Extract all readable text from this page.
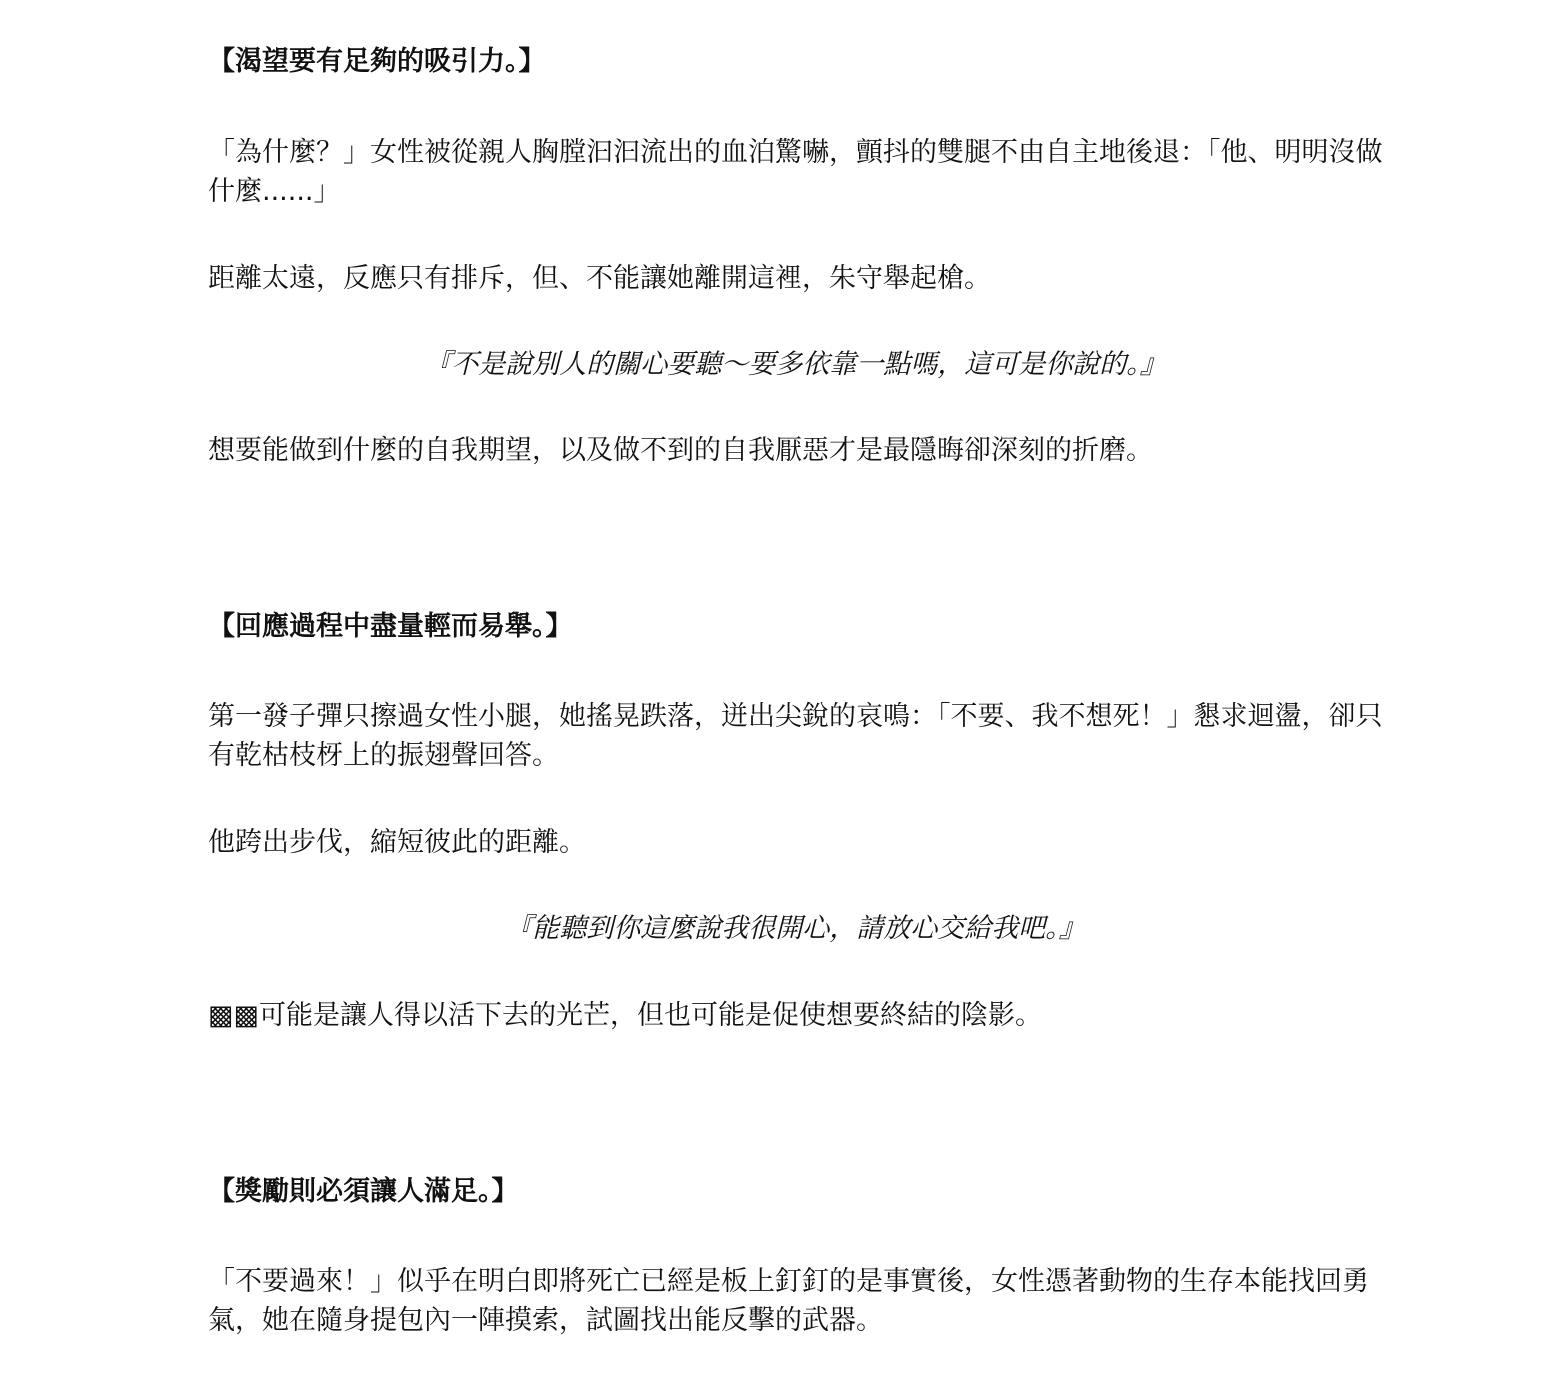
【渴望要有足夠的吸引力。】
「為什麼？」女性被從親人胸膛汩汩流出的血泊驚嚇，顫抖的雙腿不由自主地後退：「他、明明沒做什麼......」
距離太遠，反應只有排斥，但、不能讓她離開這裡，朱守舉起槍。
『不是說別人的關心要聽～要多依靠一點嗎，這可是你說的。』
想要能做到什麼的自我期望，以及做不到的自我厭惡才是最隱晦卻深刻的折磨。
【回應過程中盡量輕而易舉。】
第一發子彈只擦過女性小腿，她搖晃跌落，迸出尖銳的哀鳴：「不要、我不想死！」懇求迴盪，卻只有乾枯枝枒上的振翅聲回答。
他跨出步伐，縮短彼此的距離。
『能聽到你這麼說我很開心，請放心交給我吧。』
▩▩可能是讓人得以活下去的光芒，但也可能是促使想要終結的陰影。
【獎勵則必須讓人滿足。】
「不要過來！」似乎在明白即將死亡已經是板上釘釘的是事實後，女性憑著動物的生存本能找回勇氣，她在隨身提包內一陣摸索，試圖找出能反擊的武器。
